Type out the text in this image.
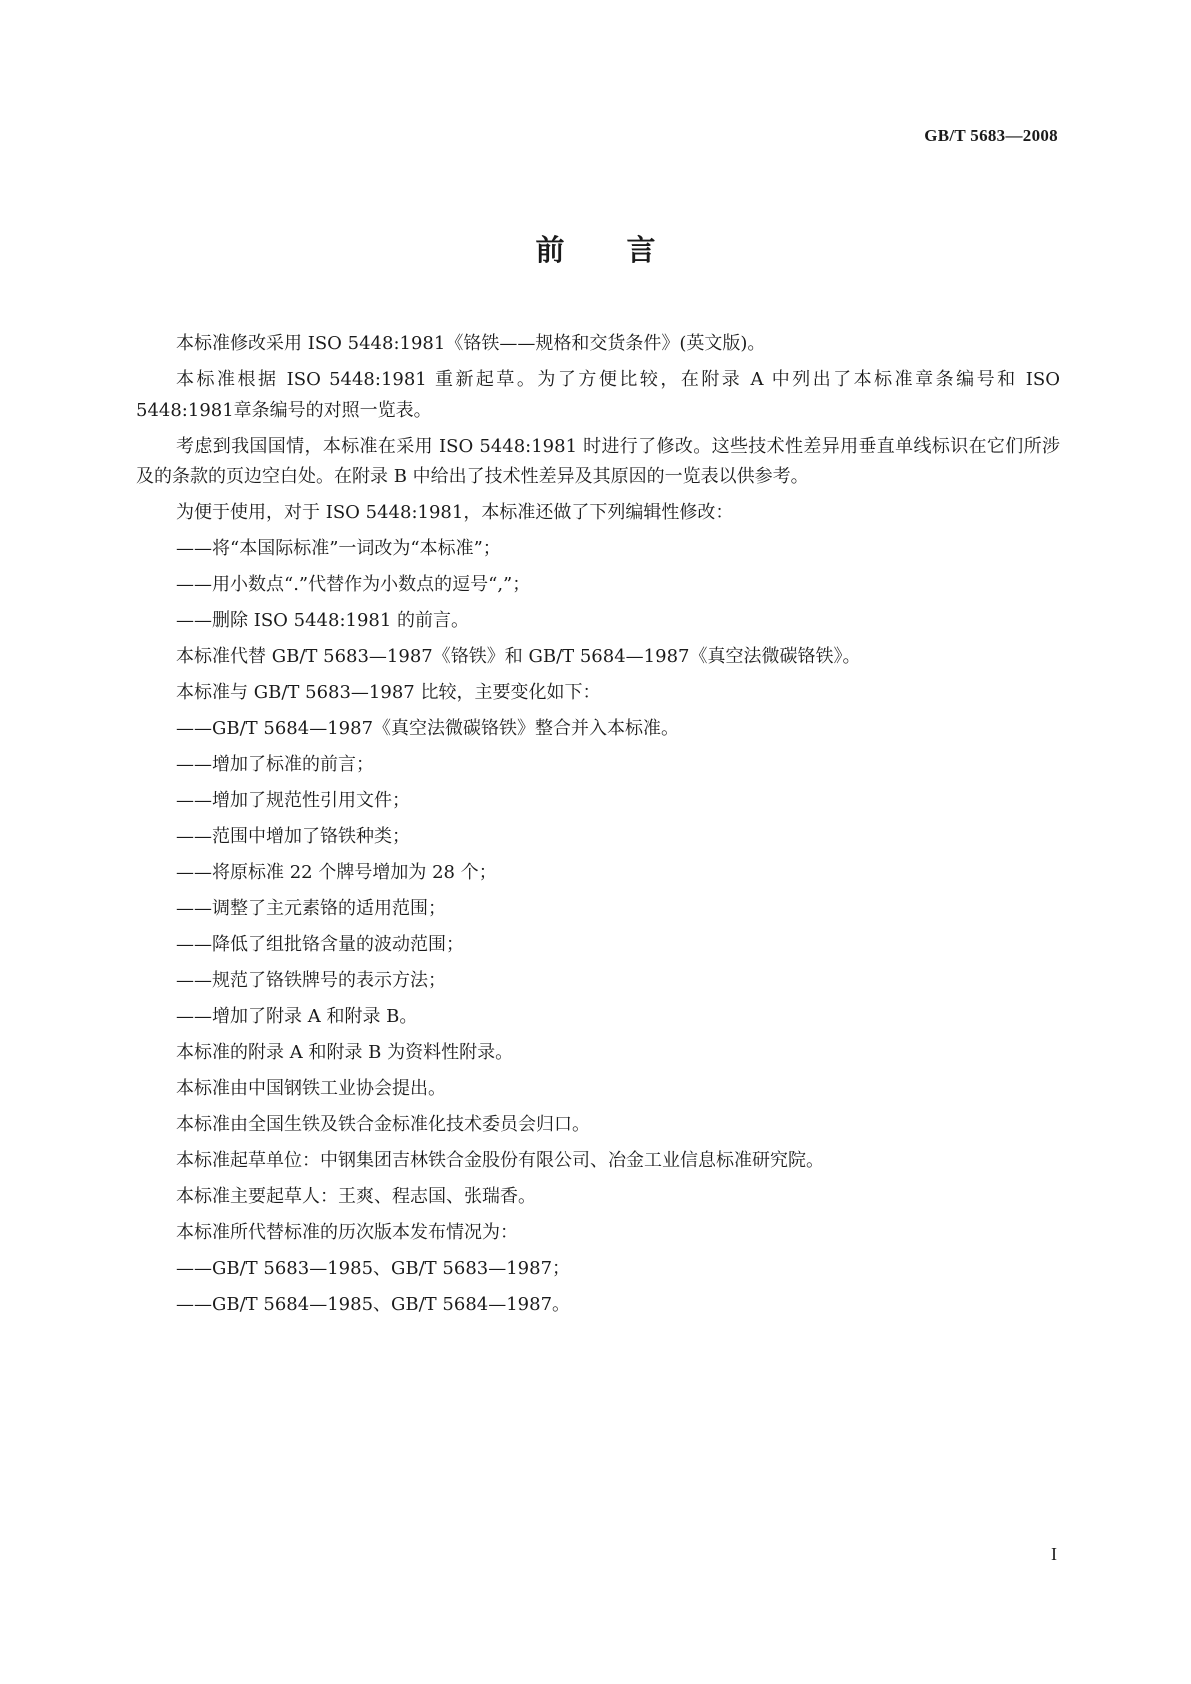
GB/T 5683—2008
前言

本标准修改采用 ISO 5448:1981《铬铁——规格和交货条件》(英文版)。

本标准根据 ISO 5448:1981 重新起草。为了方便比较，在附录 A 中列出了本标准章条编号和 ISO 5448:1981章条编号的对照一览表。

考虑到我国国情，本标准在采用 ISO 5448:1981 时进行了修改。这些技术性差异用垂直单线标识在它们所涉及的条款的页边空白处。在附录 B 中给出了技术性差异及其原因的一览表以供参考。

为便于使用，对于 ISO 5448:1981，本标准还做了下列编辑性修改：

——将“本国际标准”一词改为“本标准”；

——用小数点“.”代替作为小数点的逗号“,”；

——删除 ISO 5448:1981 的前言。

本标准代替 GB/T 5683—1987《铬铁》和 GB/T 5684—1987《真空法微碳铬铁》。

本标准与 GB/T 5683—1987 比较，主要变化如下：

——GB/T 5684—1987《真空法微碳铬铁》整合并入本标准。

——增加了标准的前言；

——增加了规范性引用文件；

——范围中增加了铬铁种类；

——将原标准 22 个牌号增加为 28 个；

——调整了主元素铬的适用范围；

——降低了组批铬含量的波动范围；

——规范了铬铁牌号的表示方法；

——增加了附录 A 和附录 B。

本标准的附录 A 和附录 B 为资料性附录。

本标准由中国钢铁工业协会提出。

本标准由全国生铁及铁合金标准化技术委员会归口。

本标准起草单位：中钢集团吉林铁合金股份有限公司、冶金工业信息标准研究院。

本标准主要起草人：王爽、程志国、张瑞香。

本标准所代替标准的历次版本发布情况为：

——GB/T 5683—1985、GB/T 5683—1987；

——GB/T 5684—1985、GB/T 5684—1987。

I
